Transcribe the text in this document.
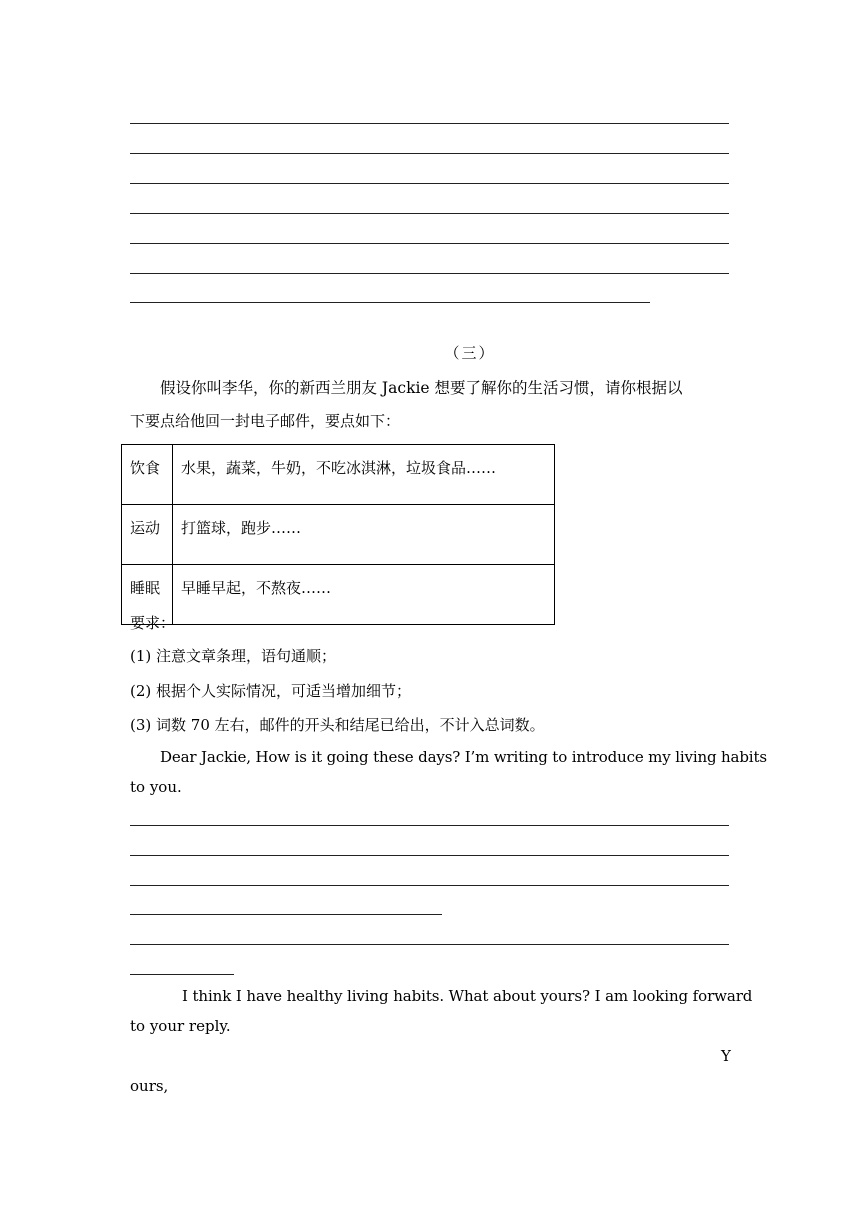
（三）
假设你叫李华，你的新西兰朋友 Jackie 想要了解你的生活习惯，请你根据以
下要点给他回一封电子邮件，要点如下：
饮食	水果，蔬菜，牛奶，不吃冰淇淋，垃圾食品……
运动	打篮球，跑步……
睡眠	早睡早起，不熬夜……
要求：
(1) 注意文章条理，语句通顺；
(2) 根据个人实际情况，可适当增加细节；
(3) 词数 70 左右，邮件的开头和结尾已给出，不计入总词数。
Dear Jackie, How is it going these days? I’m writing to introduce my living habits
to you.
I think I have healthy living habits. What about yours? I am looking forward
to your reply.
Y
ours,
